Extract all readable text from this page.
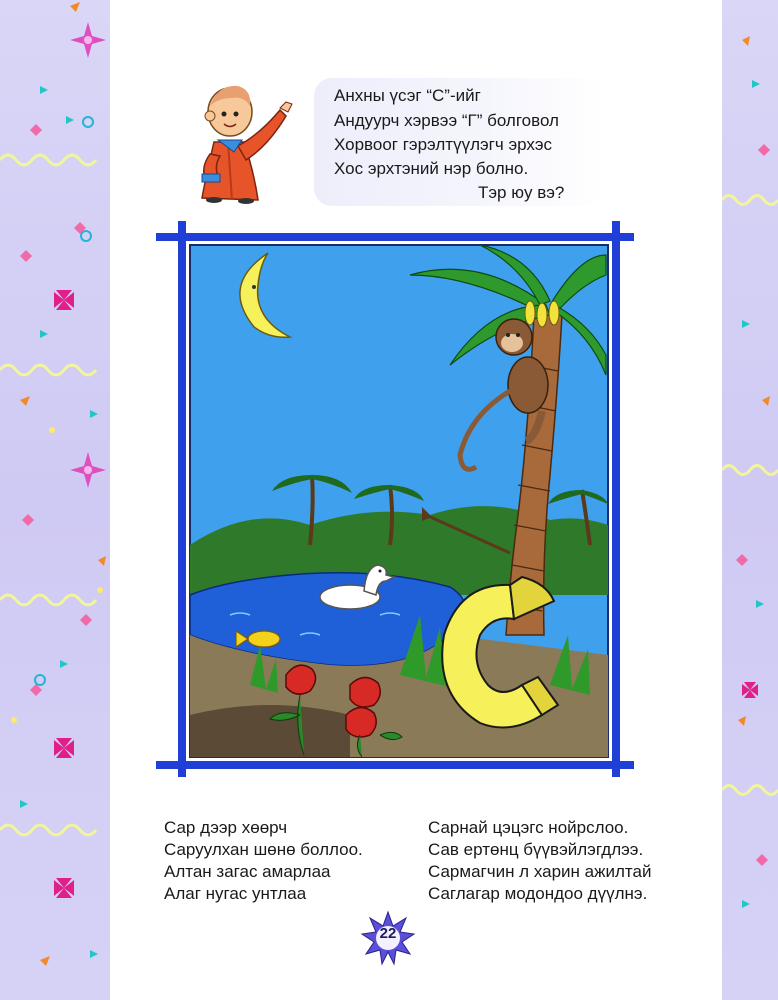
Анхны үсэг “С”-ийг
Андуурч хэрвээ “Г” болговол
Хорвоог гэрэлтүүлэгч эрхэс
Хос эрхтэний нэр болно.
Тэр юу вэ?
C
Сар дээр хөөрч
Саруулхан шөнө боллоо.
Алтан загас амарлаа
Алаг нугас унтлаа
Сарнай цэцэгс нойрслоо.
Сав ертөнц бүүвэйлэгдлээ.
Сармагчин л харин ажилтай
Саглагар модондоо дүүлнэ.
22
